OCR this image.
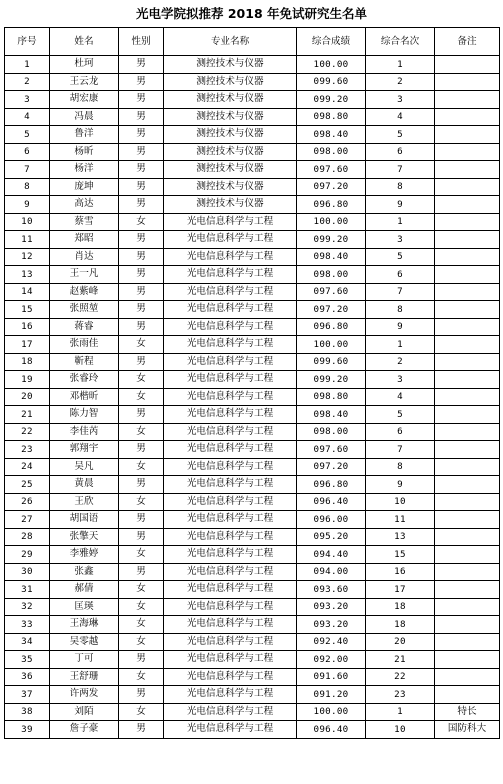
光电学院拟推荐 2018 年免试研究生名单
序号	姓名	性别	专业名称	综合成绩	综合名次	备注
1	杜珂	男	测控技术与仪器	100.00	1	
2	王云龙	男	测控技术与仪器	099.60	2	
3	胡宏康	男	测控技术与仪器	099.20	3	
4	冯晨	男	测控技术与仪器	098.80	4	
5	鲁洋	男	测控技术与仪器	098.40	5	
6	杨昕	男	测控技术与仪器	098.00	6	
7	杨洋	男	测控技术与仪器	097.60	7	
8	庞坤	男	测控技术与仪器	097.20	8	
9	高达	男	测控技术与仪器	096.80	9	
10	蔡雪	女	光电信息科学与工程	100.00	1	
11	郑昭	男	光电信息科学与工程	099.20	3	
12	肖达	男	光电信息科学与工程	098.40	5	
13	王一凡	男	光电信息科学与工程	098.00	6	
14	赵紫峰	男	光电信息科学与工程	097.60	7	
15	张照堃	男	光电信息科学与工程	097.20	8	
16	蒋睿	男	光电信息科学与工程	096.80	9	
17	张雨佳	女	光电信息科学与工程	100.00	1	
18	靳程	男	光电信息科学与工程	099.60	2	
19	张睿玲	女	光电信息科学与工程	099.20	3	
20	邓楷昕	女	光电信息科学与工程	098.80	4	
21	陈力智	男	光电信息科学与工程	098.40	5	
22	李佳芮	女	光电信息科学与工程	098.00	6	
23	郭翔宇	男	光电信息科学与工程	097.60	7	
24	吴凡	女	光电信息科学与工程	097.20	8	
25	黄晨	男	光电信息科学与工程	096.80	9	
26	王欣	女	光电信息科学与工程	096.40	10	
27	胡国语	男	光电信息科学与工程	096.00	11	
28	张擎天	男	光电信息科学与工程	095.20	13	
29	李雅婷	女	光电信息科学与工程	094.40	15	
30	张鑫	男	光电信息科学与工程	094.00	16	
31	郝倩	女	光电信息科学与工程	093.60	17	
32	匡瑛	女	光电信息科学与工程	093.20	18	
33	王海琳	女	光电信息科学与工程	093.20	18	
34	吴零越	女	光电信息科学与工程	092.40	20	
35	丁可	男	光电信息科学与工程	092.00	21	
36	王舒珊	女	光电信息科学与工程	091.60	22	
37	许两发	男	光电信息科学与工程	091.20	23	
38	刘陌	女	光电信息科学与工程	100.00	1	特长
39	詹子豪	男	光电信息科学与工程	096.40	10	国防科大
